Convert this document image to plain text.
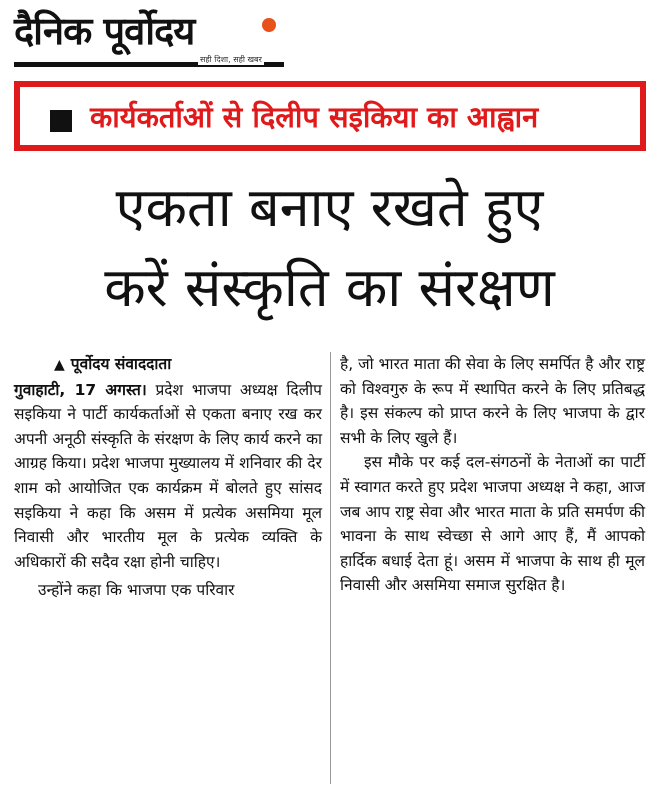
दैनिक पूर्वोदय
सही दिशा, सही खबर
कार्यकर्ताओं से दिलीप सइकिया का आह्वान
एकता बनाए रखते हुए
करें संस्कृति का संरक्षण
▲ पूर्वोदय संवाददाता

गुवाहाटी, 17 अगस्त। प्रदेश भाजपा अध्यक्ष दिलीप सइकिया ने पार्टी कार्यकर्ताओं से एकता बनाए रख कर अपनी अनूठी संस्कृति के संरक्षण के लिए कार्य करने का आग्रह किया। प्रदेश भाजपा मुख्यालय में शनिवार की देर शाम को आयोजित एक कार्यक्रम में बोलते हुए सांसद सइकिया ने कहा कि असम में प्रत्येक असमिया मूल निवासी और भारतीय मूल के प्रत्येक व्यक्ति के अधिकारों की सदैव रक्षा होनी चाहिए।

उन्होंने कहा कि भाजपा एक परिवार

है, जो भारत माता की सेवा के लिए समर्पित है और राष्ट्र को विश्वगुरु के रूप में स्थापित करने के लिए प्रतिबद्ध है। इस संकल्प को प्राप्त करने के लिए भाजपा के द्वार सभी के लिए खुले हैं।

इस मौके पर कई दल-संगठनों के नेताओं का पार्टी में स्वागत करते हुए प्रदेश भाजपा अध्यक्ष ने कहा, आज जब आप राष्ट्र सेवा और भारत माता के प्रति समर्पण की भावना के साथ स्वेच्छा से आगे आए हैं, मैं आपको हार्दिक बधाई देता हूं। असम में भाजपा के साथ ही मूल निवासी और असमिया समाज सुरक्षित है।
